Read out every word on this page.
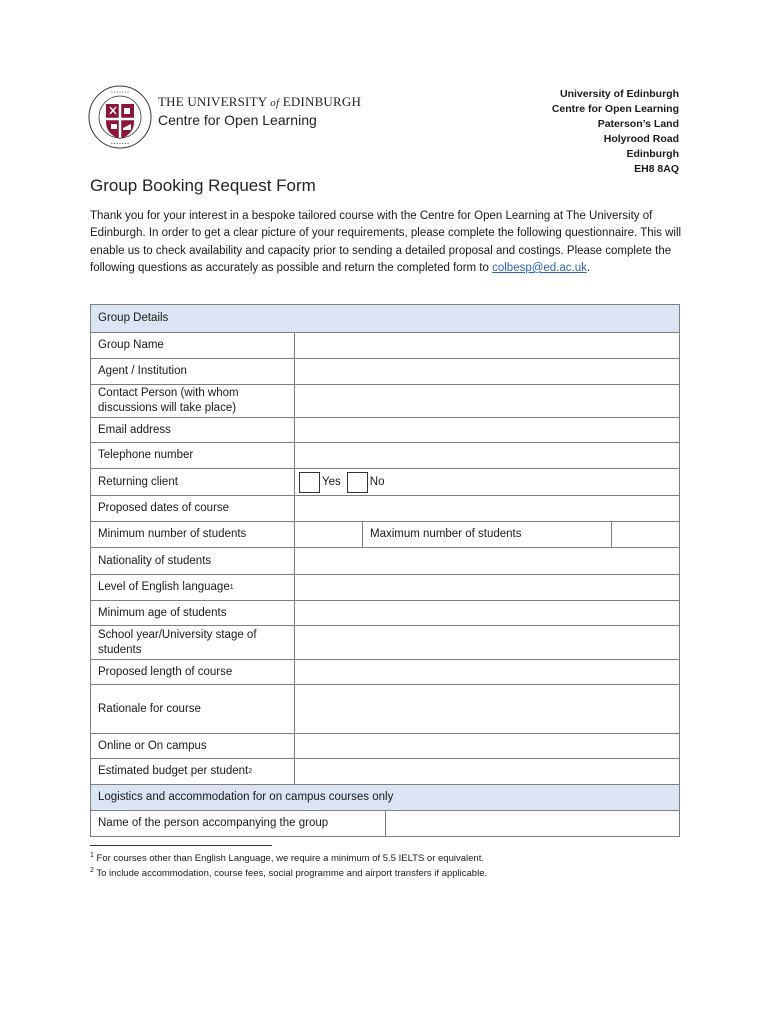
• • • • • • •
• • • • • • •
THE UNIVERSITY of EDINBURGH
Centre for Open Learning
University of Edinburgh
Centre for Open Learning
Paterson’s Land
Holyrood Road
Edinburgh
EH8 8AQ
Group Booking Request Form
Thank you for your interest in a bespoke tailored course with the Centre for Open Learning at The University of Edinburgh. In order to get a clear picture of your requirements, please complete the following questionnaire. This will enable us to check availability and capacity prior to sending a detailed proposal and costings. Please complete the following questions as accurately as possible and return the completed form to colbesp@ed.ac.uk.
Group Details
Group Name
Agent / Institution
Contact Person (with whom discussions will take place)
Email address
Telephone number
Returning client	Yes	No
Proposed dates of course
Minimum number of students	Maximum number of students
Nationality of students
Level of English language 1
Minimum age of students
School year/University stage of students
Proposed length of course
Rationale for course
Online or On campus
Estimated budget per student 2
Logistics and accommodation for on campus courses only
Name of the person accompanying the group
$^1$ For courses other than English Language, we require a minimum of 5.5 IELTS or equivalent.
$^2$ To include accommodation, course fees, social programme and airport transfers if applicable.
